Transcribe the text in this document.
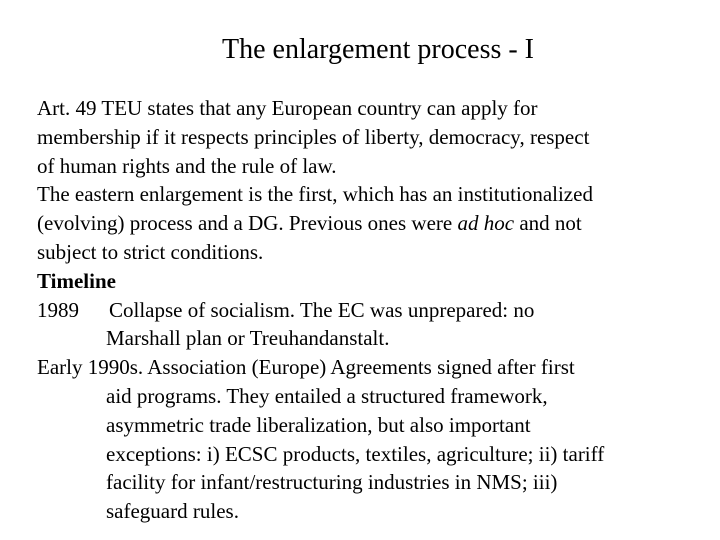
The enlargement process - I
Art. 49 TEU states that any European country can apply for
membership if it respects principles of liberty, democracy, respect
of human rights and the rule of law.
The eastern enlargement is the first, which has an institutionalized
(evolving) process and a DG. Previous ones were ad hoc and not
subject to strict conditions.
Timeline
1989 Collapse of socialism. The EC was unprepared: no
Marshall plan or Treuhandanstalt.
Early 1990s. Association (Europe) Agreements signed after first
aid programs. They entailed a structured framework,
asymmetric trade liberalization, but also important
exceptions: i) ECSC products, textiles, agriculture; ii) tariff
facility for infant/restructuring industries in NMS; iii)
safeguard rules.
